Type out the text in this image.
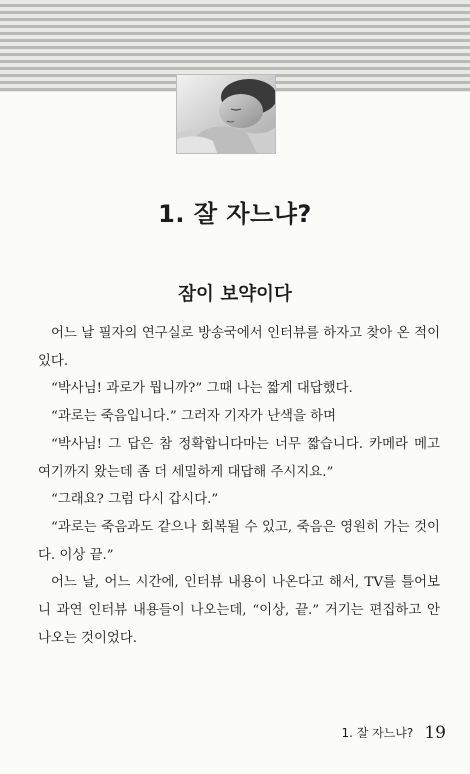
1. 잘 자느냐?
잠이 보약이다

어느 날 필자의 연구실로 방송국에서 인터뷰를 하자고 찾아 온 적이 있다.

“박사님! 과로가 뭡니까?” 그때 나는 짧게 대답했다.

“과로는 죽음입니다.” 그러자 기자가 난색을 하며

“박사님! 그 답은 참 정확합니다마는 너무 짧습니다. 카메라 메고 여기까지 왔는데 좀 더 세밀하게 대답해 주시지요.”

“그래요? 그럼 다시 갑시다.”

“과로는 죽음과도 같으나 회복될 수 있고, 죽음은 영원히 가는 것이다. 이상 끝.”

어느 날, 어느 시간에, 인터뷰 내용이 나온다고 해서, TV를 틀어보니 과연 인터뷰 내용들이 나오는데, “이상, 끝.” 거기는 편집하고 안 나오는 것이었다.

1. 잘 자느냐? 19
